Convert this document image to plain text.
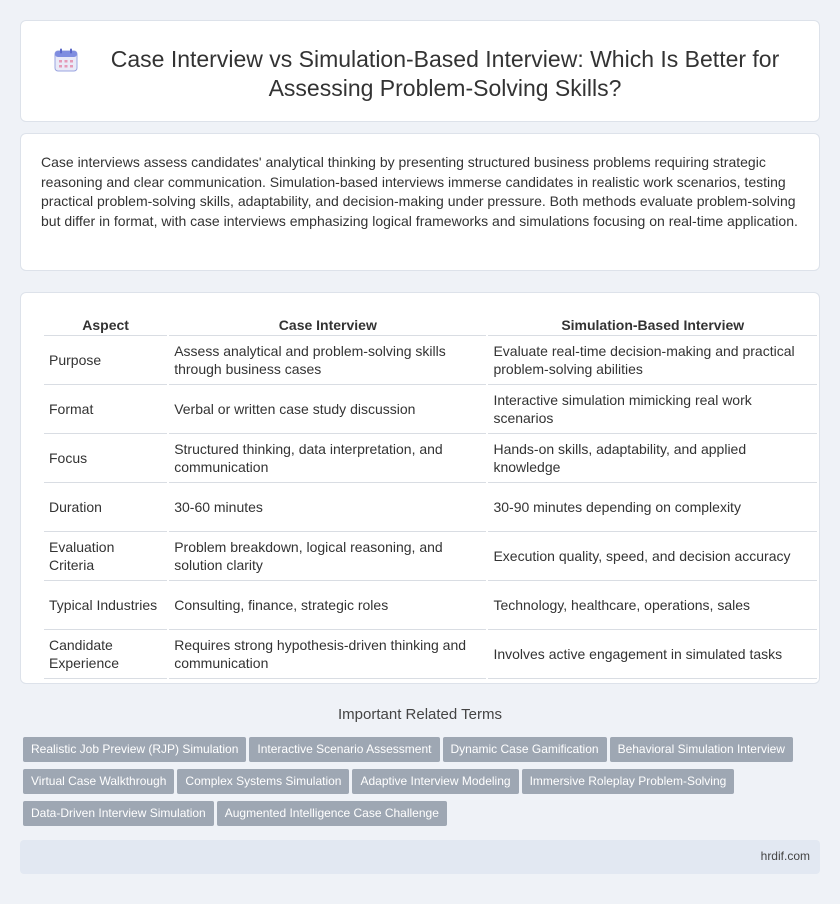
Case Interview vs Simulation-Based Interview: Which Is Better for Assessing Problem-Solving Skills?

Case interviews assess candidates' analytical thinking by presenting structured business problems requiring strategic reasoning and clear communication. Simulation-based interviews immerse candidates in realistic work scenarios, testing practical problem-solving skills, adaptability, and decision-making under pressure. Both methods evaluate problem-solving but differ in format, with case interviews emphasizing logical frameworks and simulations focusing on real-time application.

Aspect	Case Interview	Simulation-Based Interview
Purpose	Assess analytical and problem-solving skills through business cases	Evaluate real-time decision-making and practical problem-solving abilities
Format	Verbal or written case study discussion	Interactive simulation mimicking real work scenarios
Focus	Structured thinking, data interpretation, and communication	Hands-on skills, adaptability, and applied knowledge
Duration	30-60 minutes	30-90 minutes depending on complexity
Evaluation Criteria	Problem breakdown, logical reasoning, and solution clarity	Execution quality, speed, and decision accuracy
Typical Industries	Consulting, finance, strategic roles	Technology, healthcare, operations, sales
Candidate Experience	Requires strong hypothesis-driven thinking and communication	Involves active engagement in simulated tasks
Important Related Terms
Realistic Job Preview (RJP) Simulation Interactive Scenario Assessment Dynamic Case Gamification Behavioral Simulation Interview
Virtual Case Walkthrough Complex Systems Simulation Adaptive Interview Modeling Immersive Roleplay Problem-Solving
Data-Driven Interview Simulation Augmented Intelligence Case Challenge
hrdif.com
